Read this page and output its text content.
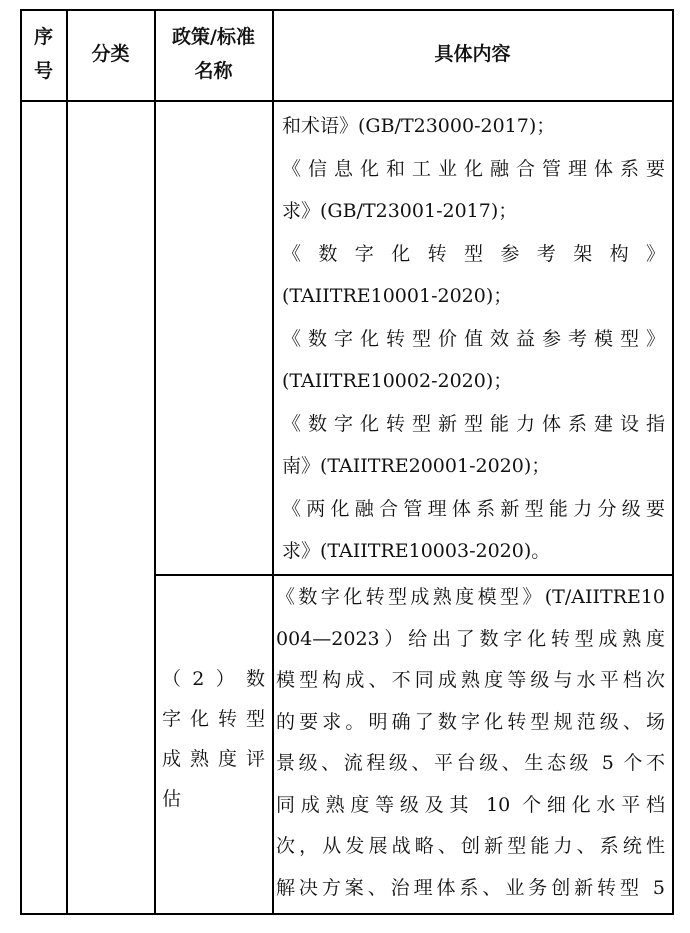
序
号
分类
政策/标准
名称
具体内容
和术语》(GB/T23000-2017)；
《信息化和工业化融合管理体系要
求》(GB/T23001-2017)；
《 数 字 化 转 型 参 考 架 构 》
(TAIITRE10001-2020)；
《数字化转型价值效益参考模型》
(TAIITRE10002-2020)；
《数字化转型新型能力体系建设指
南》(TAIITRE20001-2020)；
《两化融合管理体系新型能力分级要
求》(TAIITRE10003-2020)。
（2）数
字化转型
成熟度评
估
《数字化转型成熟度模型》(T/AIITRE10
004—2023）给出了数字化转型成熟度
模型构成、不同成熟度等级与水平档次
的要求。明确了数字化转型规范级、场
景级、流程级、平台级、生态级 5 个不
同成熟度等级及其 10 个细化水平档
次，从发展战略、创新型能力、系统性
解决方案、治理体系、业务创新转型 5
